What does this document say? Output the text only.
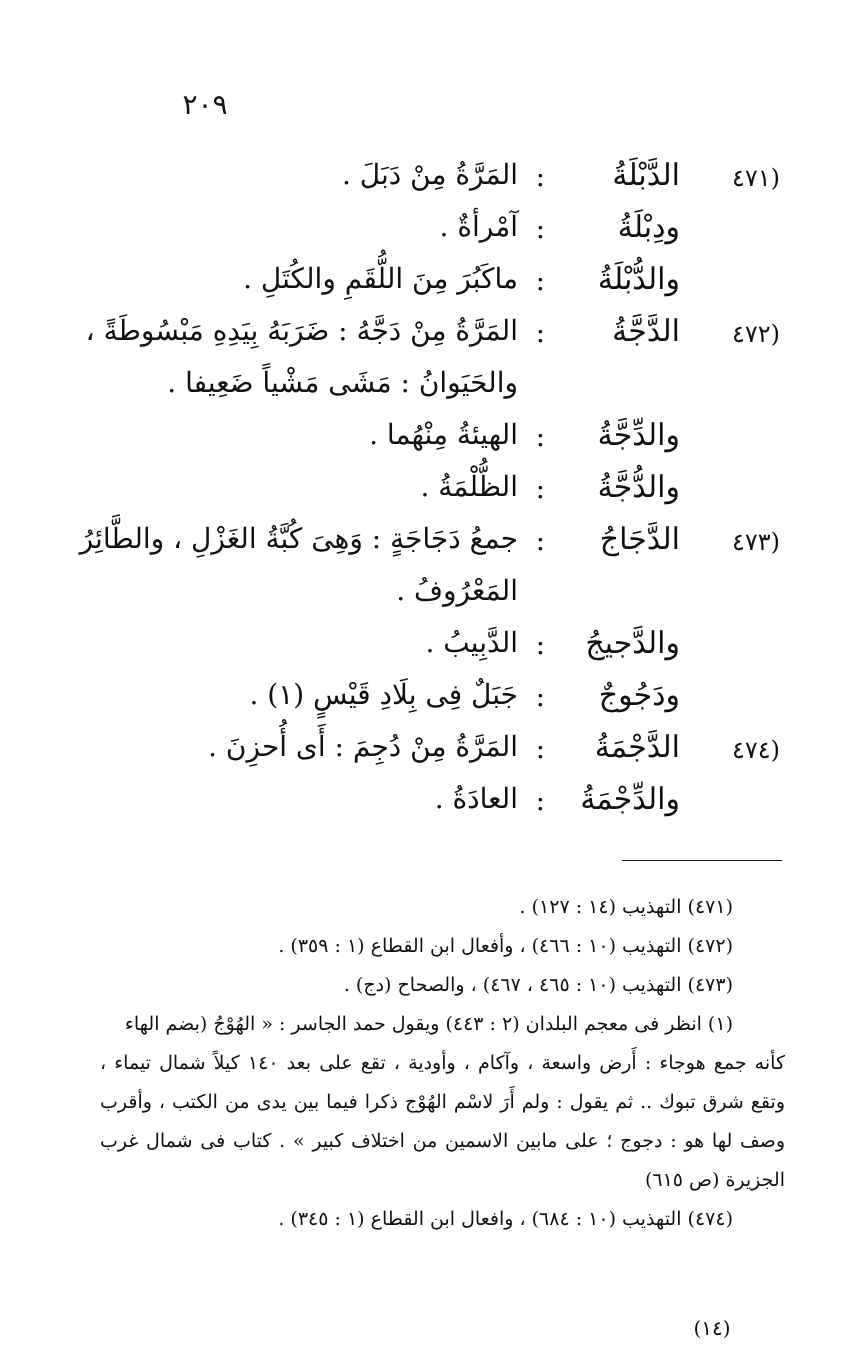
٢٠٩
(٤٧١
الدَّبْلَةُ
:
المَرَّةُ مِنْ دَبَلَ .
ودِبْلَةُ
:
آمْرأةٌ .
والدُّبْلَةُ
:
ماكَبُرَ مِنَ اللُّقَمِ والكُتَلِ .
(٤٧٢
الدَّجَّةُ
:
المَرَّةُ مِنْ دَجَّهُ : ضَرَبَهُ بِيَدِهِ مَبْسُوطَةً ،
والحَيَوانُ : مَشَى مَشْياً ضَعِيفا .
والدِّجَّةُ
:
الهيئةُ مِنْهُما .
والدُّجَّةُ
:
الظُّلْمَةُ .
(٤٧٣
الدَّجَاجُ
:
جمعُ دَجَاجَةٍ : وَهِىَ كُبَّةُ الغَزْلِ ، والطَّائِرُ
المَعْرُوفُ .
والدَّجيجُ
:
الدَّبِيبُ .
ودَجُوجٌ
:
جَبَلٌ فِى بِلَادِ قَيْسٍ (١) .
(٤٧٤
الدَّجْمَةُ
:
المَرَّةُ مِنْ دُجِمَ : أَى أُحزِنَ .
والدِّجْمَةُ
:
العادَةُ .
(٤٧١) التهذيب (١٤ : ١٢٧) .
(٤٧٢) التهذيب (١٠ : ٤٦٦) ، وأفعال ابن القطاع (١ : ٣٥٩) .
(٤٧٣) التهذيب (١٠ : ٤٦٥ ، ٤٦٧) ، والصحاح (دج) .
(١) انظر فى معجم البلدان (٢ : ٤٤٣) ويقول حمد الجاسر : « الهُوْجُ (بضم الهاء
كأنه جمع هوجاء : أَرض واسعة ، وآكام ، وأودية ، تقع على بعد ١٤٠ كيلاً شمال تيماء ،
وتقع شرق تبوك .. ثم يقول : ولم أَرَ لاسْم الهُوْج ذكرا فيما بين يدى من الكتب ، وأقرب
وصف لها هو : دجوج ؛ على مابين الاسمين من اختلاف كبير » . كتاب فى شمال غرب
الجزيرة (ص ٦١٥)
(٤٧٤) التهذيب (١٠ : ٦٨٤) ، وافعال ابن القطاع (١ : ٣٤٥) .
(١٤)
